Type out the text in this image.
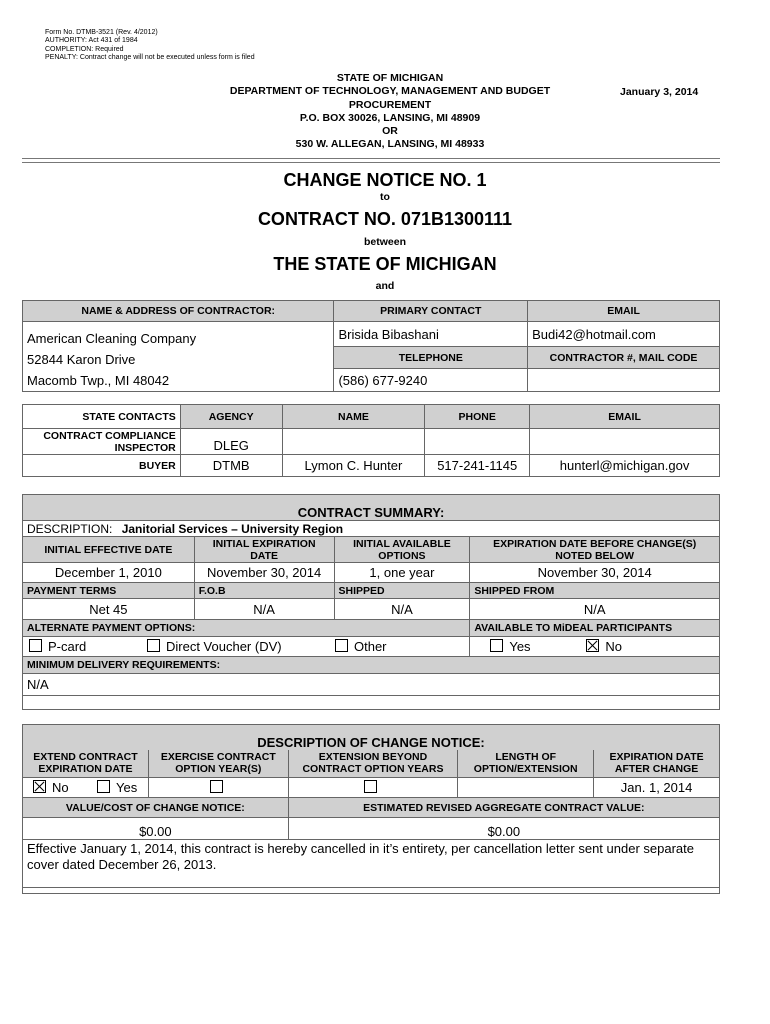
Form No. DTMB-3521 (Rev. 4/2012)
AUTHORITY: Act 431 of 1984
COMPLETION: Required
PENALTY: Contract change will not be executed unless form is filed
STATE OF MICHIGAN
DEPARTMENT OF TECHNOLOGY, MANAGEMENT AND BUDGET
PROCUREMENT
P.O. BOX 30026, LANSING, MI 48909
OR
530 W. ALLEGAN, LANSING, MI 48933
January 3, 2014
CHANGE NOTICE NO. 1
to
CONTRACT NO. 071B1300111
between
THE STATE OF MICHIGAN
and
NAME & ADDRESS OF CONTRACTOR:	PRIMARY CONTACT	EMAIL

American Cleaning Company
52844 Karon Drive
Macomb Twp., MI 48042	Brisida Bibashani	Budi42@hotmail.com
	TELEPHONE	CONTRACTOR #, MAIL CODE
	(586) 677-9240	
STATE CONTACTS	AGENCY	NAME	PHONE	EMAIL
CONTRACT COMPLIANCE INSPECTOR	DLEG			
BUYER	DTMB	Lymon C. Hunter	517-241-1145	hunterl@michigan.gov
CONTRACT SUMMARY:			
DESCRIPTION: Janitorial Services – University Region			
INITIAL EFFECTIVE DATE	INITIAL EXPIRATION DATE	INITIAL AVAILABLE OPTIONS	EXPIRATION DATE BEFORE CHANGE(S) NOTED BELOW
December 1, 2010	November 30, 2014	1, one year	November 30, 2014
PAYMENT TERMS	F.O.B	SHIPPED	SHIPPED FROM
Net 45	N/A	N/A	N/A
ALTERNATE PAYMENT OPTIONS:			AVAILABLE TO MiDEAL PARTICIPANTS
P-card Direct Voucher (DV) Other			Yes No
MINIMUM DELIVERY REQUIREMENTS:			
N/A			
DESCRIPTION OF CHANGE NOTICE:				
EXTEND CONTRACT EXPIRATION DATE	EXERCISE CONTRACT OPTION YEAR(S)	EXTENSION BEYOND CONTRACT OPTION YEARS	LENGTH OF OPTION/EXTENSION	EXPIRATION DATE AFTER CHANGE
No Yes				Jan. 1, 2014
VALUE/COST OF CHANGE NOTICE:		ESTIMATED REVISED AGGREGATE CONTRACT VALUE:		
$0.00		$0.00		
Effective January 1, 2014, this contract is hereby cancelled in it’s entirety, per cancellation letter sent under separate cover dated December 26, 2013.				
